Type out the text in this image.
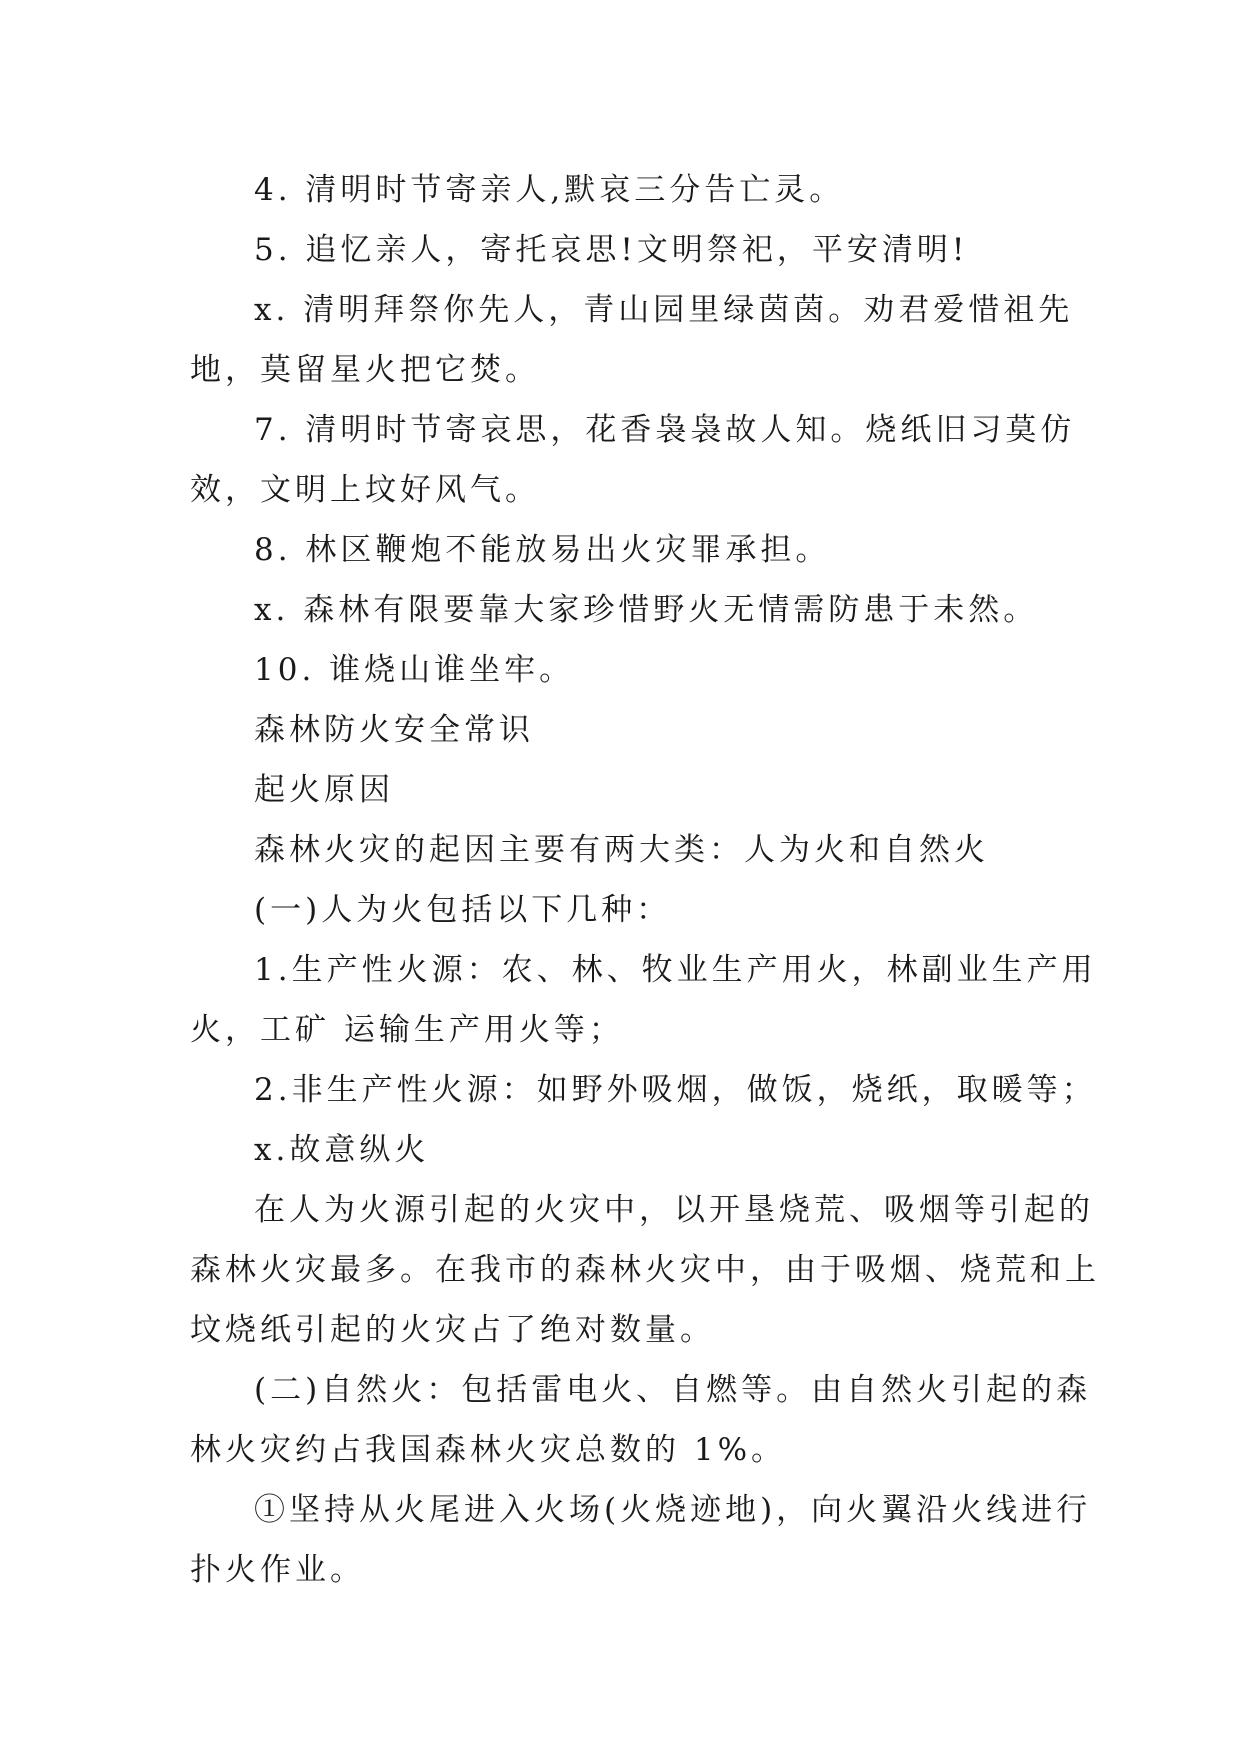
4. 清明时节寄亲人,默哀三分告亡灵。

5. 追忆亲人，寄托哀思!文明祭祀，平安清明!

x. 清明拜祭你先人，青山园里绿茵茵。劝君爱惜祖先

地，莫留星火把它焚。

7. 清明时节寄哀思，花香袅袅故人知。烧纸旧习莫仿

效，文明上坟好风气。

8. 林区鞭炮不能放易出火灾罪承担。

x. 森林有限要靠大家珍惜野火无情需防患于未然。

10. 谁烧山谁坐牢。

森林防火安全常识

起火原因

森林火灾的起因主要有两大类：人为火和自然火

(一)人为火包括以下几种：

1.生产性火源：农、林、牧业生产用火，林副业生产用

火，工矿 运输生产用火等；

2.非生产性火源：如野外吸烟，做饭，烧纸，取暖等；

x.故意纵火

在人为火源引起的火灾中，以开垦烧荒、吸烟等引起的

森林火灾最多。在我市的森林火灾中，由于吸烟、烧荒和上

坟烧纸引起的火灾占了绝对数量。

(二)自然火：包括雷电火、自燃等。由自然火引起的森

林火灾约占我国森林火灾总数的 1%。

①坚持从火尾进入火场(火烧迹地)，向火翼沿火线进行

扑火作业。
